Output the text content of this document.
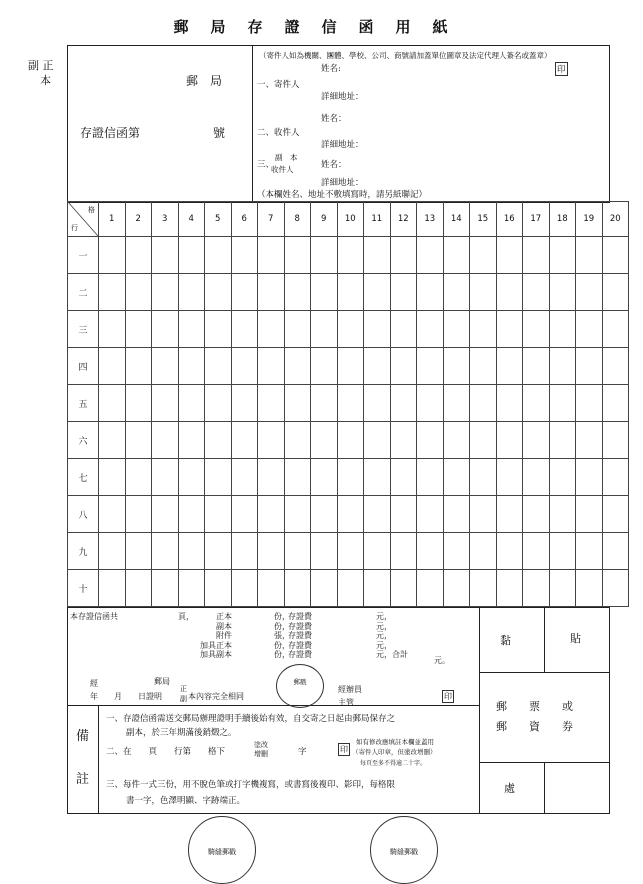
郵局存證信函用紙
副 正
本	郵　局
存證信函第	號
（寄件人如為機關、團體、學校、公司、商號請加蓋單位圖章及法定代理人簽名或蓋章）
印
姓名:
一、寄件人
詳細地址：
姓名：
二、收件人
詳細地址：
副　本
三、
收件人	姓名：
詳細地址：
（本欄姓名、地址不敷填寫時，請另紙聯記）
格
行	1	2	3	4	5	6	7	8	9	10	11	12	13	14	15	16	17	18	19	20
一																				
二																				
三																				
四																				
五																				
六																				
七																				
八																				
九																				
十																				
本存證信函共	頁，	正本	份，
存證費	元，
副本	份，
存證費	元，
附件	張，
存證費	元，
加具正本	份，
存證費	元，
加具副本	份，
存證費	元，合計
元。
經	郵局
年　　月　　日證明
正
副 本內容完全相同
郵戳
經辦員
主管
印
黏	貼
郵　　票　　或
郵　　資　　券
處
備
註
一、存證信函需送交郵局辦理證明手續後始有效，自交寄之日起由郵局保存之
副本，於三年期滿後銷燬之。
二、在　　頁　　行第　　格下
塗改
增刪	字	印
如有修改應填註本欄並蓋用
（寄件人印章，但塗改增刪）
每頁至多不得逾二十字。
三、每件一式三份，用不脫色筆或打字機複寫，或書寫後複印、影印，每格限
書一字，色澤明顯、字跡端正。
騎縫郵戳	騎縫郵戳
